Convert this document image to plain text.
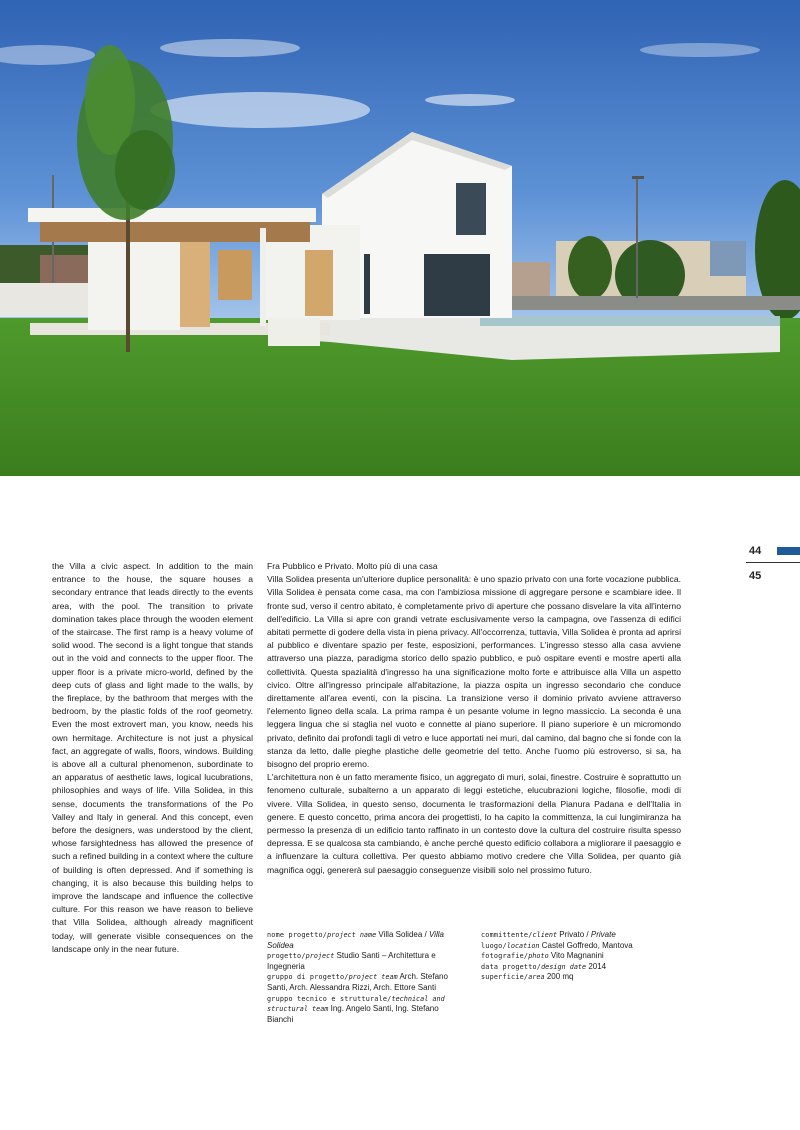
44
45

the Villa a civic aspect. In addition to the main entrance to the house, the square houses a secondary entrance that leads directly to the events area, with the pool. The transition to private domination takes place through the wooden element of the staircase. The first ramp is a heavy volume of solid wood. The second is a light tongue that stands out in the void and connects to the upper floor. The upper floor is a private micro-world, defined by the deep cuts of glass and light made to the walls, by the fireplace, by the bathroom that merges with the bedroom, by the plastic folds of the roof geometry. Even the most extrovert man, you know, needs his own hermitage. Architecture is not just a physical fact, an aggregate of walls, floors, windows. Building is above all a cultural phenomenon, subordinate to an apparatus of aesthetic laws, logical lucubrations, philosophies and ways of life. Villa Solidea, in this sense, documents the transformations of the Po Valley and Italy in general. And this concept, even before the designers, was understood by the client, whose farsightedness has allowed the presence of such a refined building in a context where the culture of building is often depressed. And if something is changing, it is also because this building helps to improve the landscape and influence the collective culture. For this reason we have reason to believe that Villa Solidea, although already magnificent today, will generate visible consequences on the landscape only in the near future.

Fra Pubblico e Privato. Molto più di una casa
Villa Solidea presenta un'ulteriore duplice personalità: è uno spazio privato con una forte vocazione pubblica. Villa Solidea è pensata come casa, ma con l'ambiziosa missione di aggregare persone e scambiare idee. Il fronte sud, verso il centro abitato, è completamente privo di aperture che possano disvelare la vita all'interno dell'edificio. La Villa si apre con grandi vetrate esclusivamente verso la campagna, ove l'assenza di edifici abitati permette di godere della vista in piena privacy. All'occorrenza, tuttavia, Villa Solidea è pronta ad aprirsi al pubblico e diventare spazio per feste, esposizioni, performances. L'ingresso stesso alla casa avviene attraverso una piazza, paradigma storico dello spazio pubblico, e può ospitare eventi e mostre aperti alla collettività. Questa spazialità d'ingresso ha una significazione molto forte e attribuisce alla Villa un aspetto civico. Oltre all'ingresso principale all'abitazione, la piazza ospita un ingresso secondario che conduce direttamente all'area eventi, con la piscina. La transizione verso il dominio privato avviene attraverso l'elemento ligneo della scala. La prima rampa è un pesante volume in legno massiccio. La seconda è una leggera lingua che si staglia nel vuoto e connette al piano superiore. Il piano superiore è un micromondo privato, definito dai profondi tagli di vetro e luce apportati nei muri, dal camino, dal bagno che si fonde con la stanza da letto, dalle pieghe plastiche delle geometrie del tetto. Anche l'uomo più estroverso, si sa, ha bisogno del proprio eremo.

L'architettura non è un fatto meramente fisico, un aggregato di muri, solai, finestre. Costruire è soprattutto un fenomeno culturale, subalterno a un apparato di leggi estetiche, elucubrazioni logiche, filosofie, modi di vivere. Villa Solidea, in questo senso, documenta le trasformazioni della Pianura Padana e dell'Italia in genere. E questo concetto, prima ancora dei progettisti, lo ha capito la committenza, la cui lungimiranza ha permesso la presenza di un edificio tanto raffinato in un contesto dove la cultura del costruire risulta spesso depressa. E se qualcosa sta cambiando, è anche perché questo edificio collabora a migliorare il paesaggio e a influenzare la cultura collettiva. Per questo abbiamo motivo credere che Villa Solidea, per quanto già magnifica oggi, genererà sul paesaggio conseguenze visibili solo nel prossimo futuro.

nome progetto/project name Villa Solidea / Villa Solidea
progetto/project Studio Santi – Architettura e Ingegneria
gruppo di progetto/project team Arch. Stefano Santi, Arch. Alessandra Rizzi, Arch. Ettore Santi
gruppo tecnico e strutturale/technical and structural team Ing. Angelo Santi, Ing. Stefano Bianchi
committente/client Privato / Private
luogo/location Castel Goffredo, Mantova
fotografie/photo Vito Magnanini
data progetto/design date 2014
superficie/area 200 mq
